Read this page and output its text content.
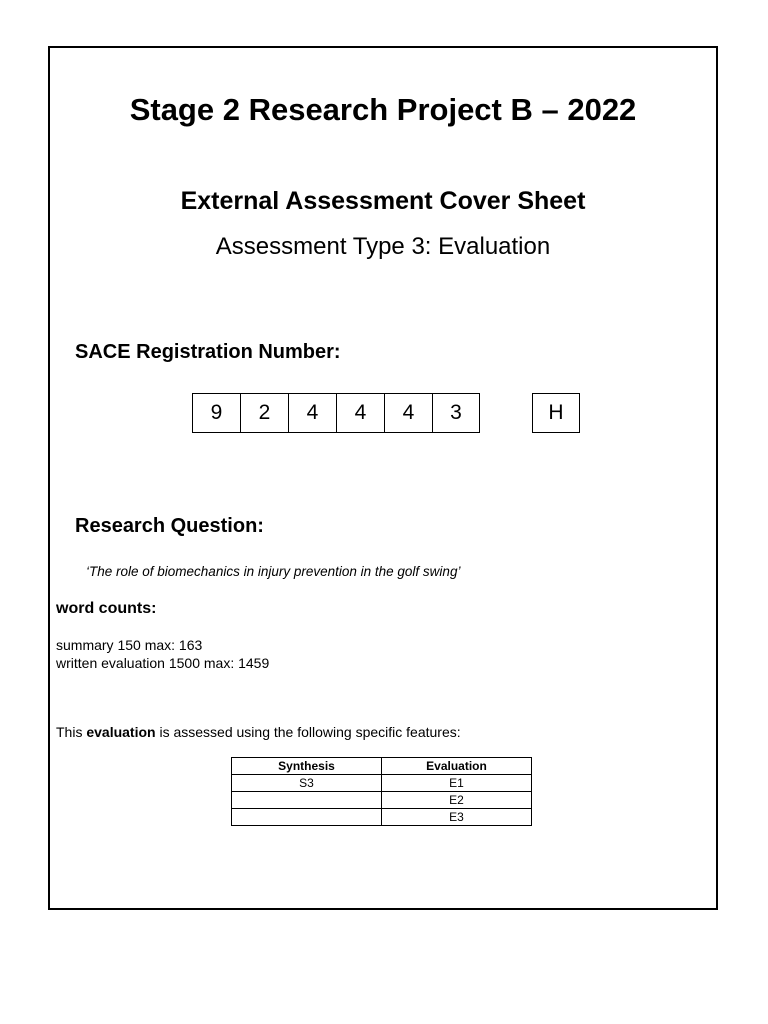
Stage 2 Research Project B – 2022
External Assessment Cover Sheet
Assessment Type 3: Evaluation
SACE Registration Number:
9	2	4	4	4	3	H
Research Question:
‘The role of biomechanics in injury prevention in the golf swing’
word counts:
summary 150 max: 163
written evaluation 1500 max: 1459
This evaluation is assessed using the following specific features:
Synthesis	Evaluation
S3	E1
	E2
	E3
